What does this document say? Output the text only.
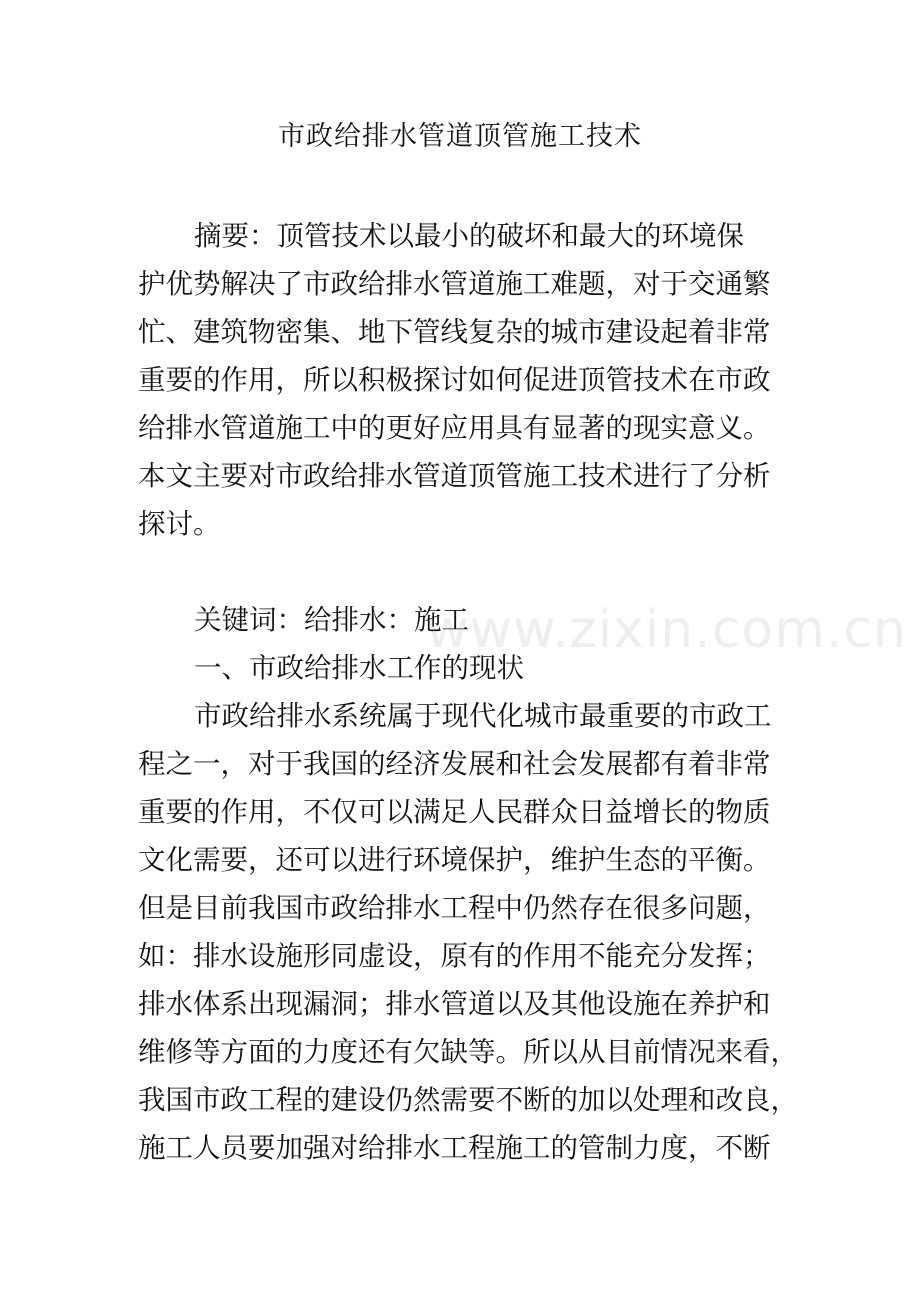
市政给排水管道顶管施工技术
摘要：顶管技术以最小的破坏和最大的环境保
护优势解决了市政给排水管道施工难题，对于交通繁
忙、建筑物密集、地下管线复杂的城市建设起着非常
重要的作用，所以积极探讨如何促进顶管技术在市政
给排水管道施工中的更好应用具有显著的现实意义。
本文主要对市政给排水管道顶管施工技术进行了分析
探讨。
关键词：给排水：施工
一、市政给排水工作的现状
市政给排水系统属于现代化城市最重要的市政工
程之一，对于我国的经济发展和社会发展都有着非常
重要的作用，不仅可以满足人民群众日益增长的物质
文化需要，还可以进行环境保护，维护生态的平衡。
但是目前我国市政给排水工程中仍然存在很多问题，
如：排水设施形同虚设，原有的作用不能充分发挥；
排水体系出现漏洞；排水管道以及其他设施在养护和
维修等方面的力度还有欠缺等。所以从目前情况来看，
我国市政工程的建设仍然需要不断的加以处理和改良，
施工人员要加强对给排水工程施工的管制力度，不断
www.zixin.com.cn
